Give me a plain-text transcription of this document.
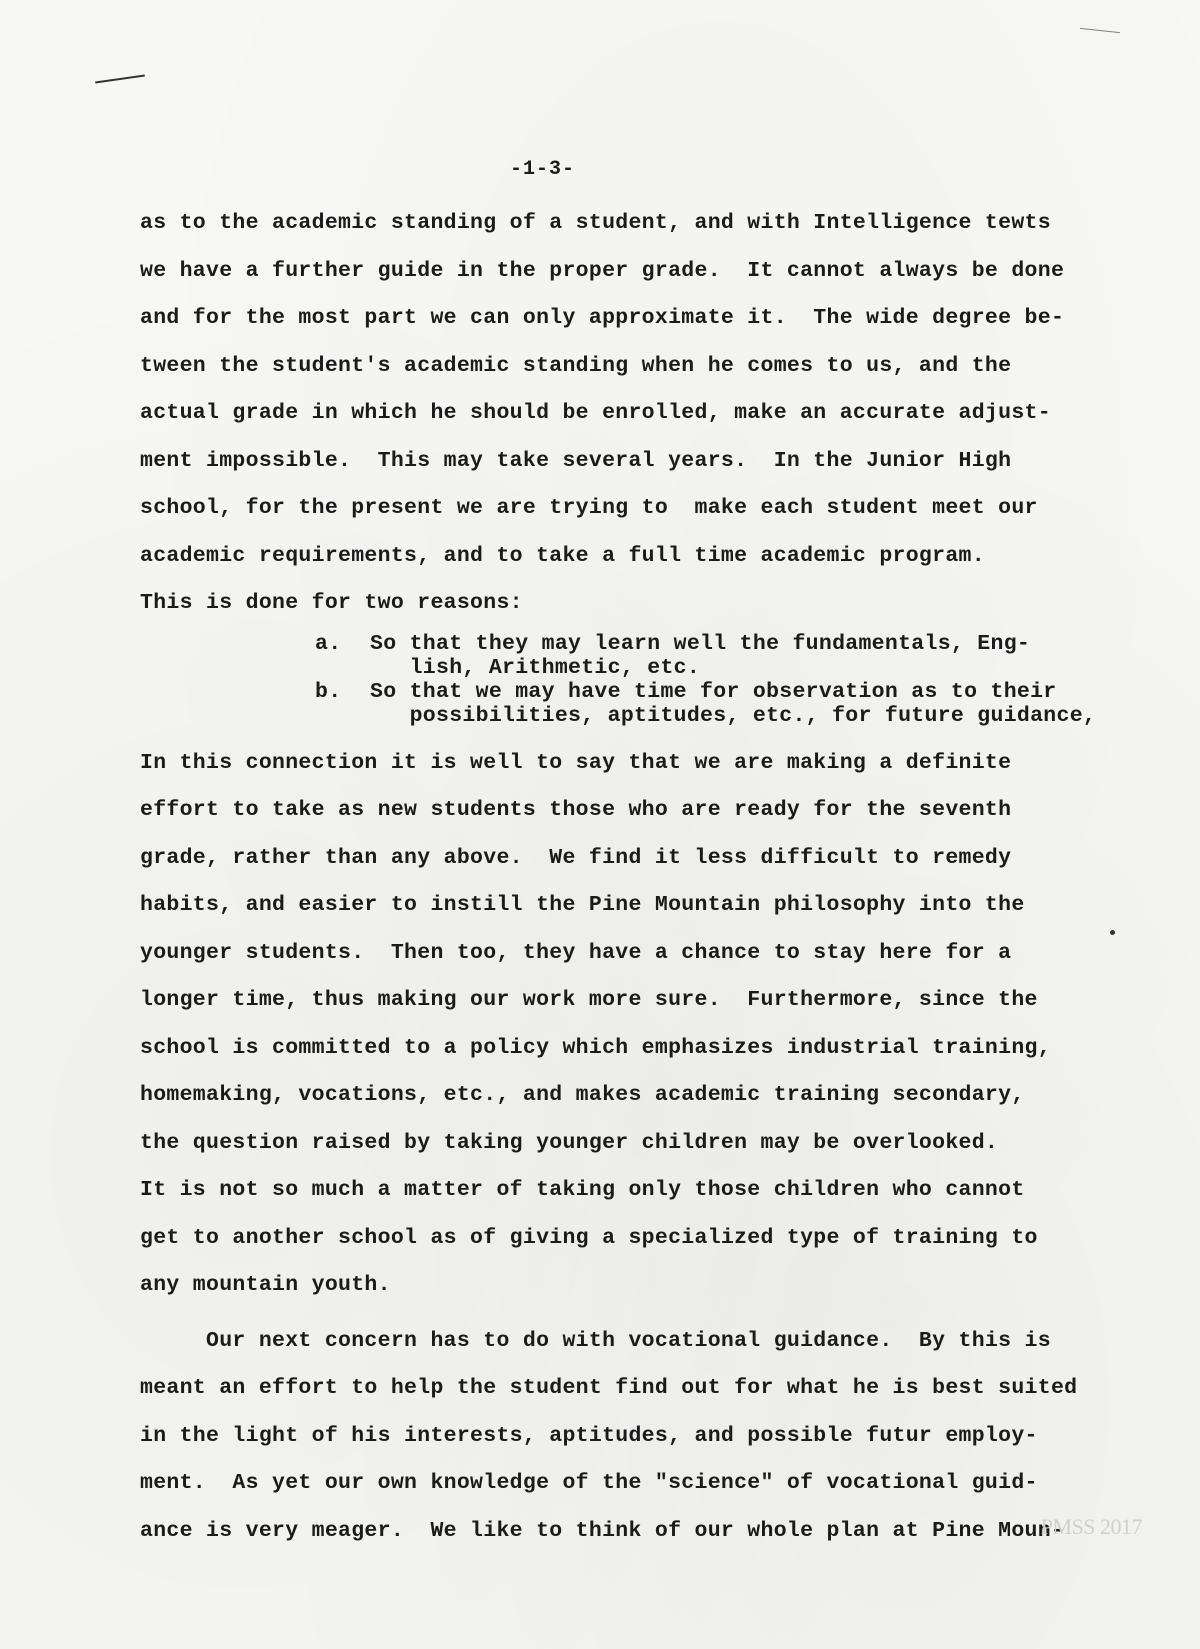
-1-3-
as to the academic standing of a student, and with Intelligence tewts
we have a further guide in the proper grade.  It cannot always be done
and for the most part we can only approximate it.  The wide degree be-
tween the student's academic standing when he comes to us, and the
actual grade in which he should be enrolled, make an accurate adjust-
ment impossible.  This may take several years.  In the Junior High
school, for the present we are trying to  make each student meet our
academic requirements, and to take a full time academic program.
This is done for two reasons:
a.	So that they may learn well the fundamentals, Eng-
lish, Arithmetic, etc.
b.	So that we may have time for observation as to their
possibilities, aptitudes, etc., for future guidance,
In this connection it is well to say that we are making a definite
effort to take as new students those who are ready for the seventh
grade, rather than any above.  We find it less difficult to remedy
habits, and easier to instill the Pine Mountain philosophy into the
younger students.  Then too, they have a chance to stay here for a
longer time, thus making our work more sure.  Furthermore, since the
school is committed to a policy which emphasizes industrial training,
homemaking, vocations, etc., and makes academic training secondary,
the question raised by taking younger children may be overlooked.
It is not so much a matter of taking only those children who cannot
get to another school as of giving a specialized type of training to
any mountain youth.
Our next concern has to do with vocational guidance.  By this is
meant an effort to help the student find out for what he is best suited
in the light of his interests, aptitudes, and possible futur employ-
ment.  As yet our own knowledge of the "science" of vocational guid-
ance is very meager.  We like to think of our whole plan at Pine Moun-
PMSS 2017
